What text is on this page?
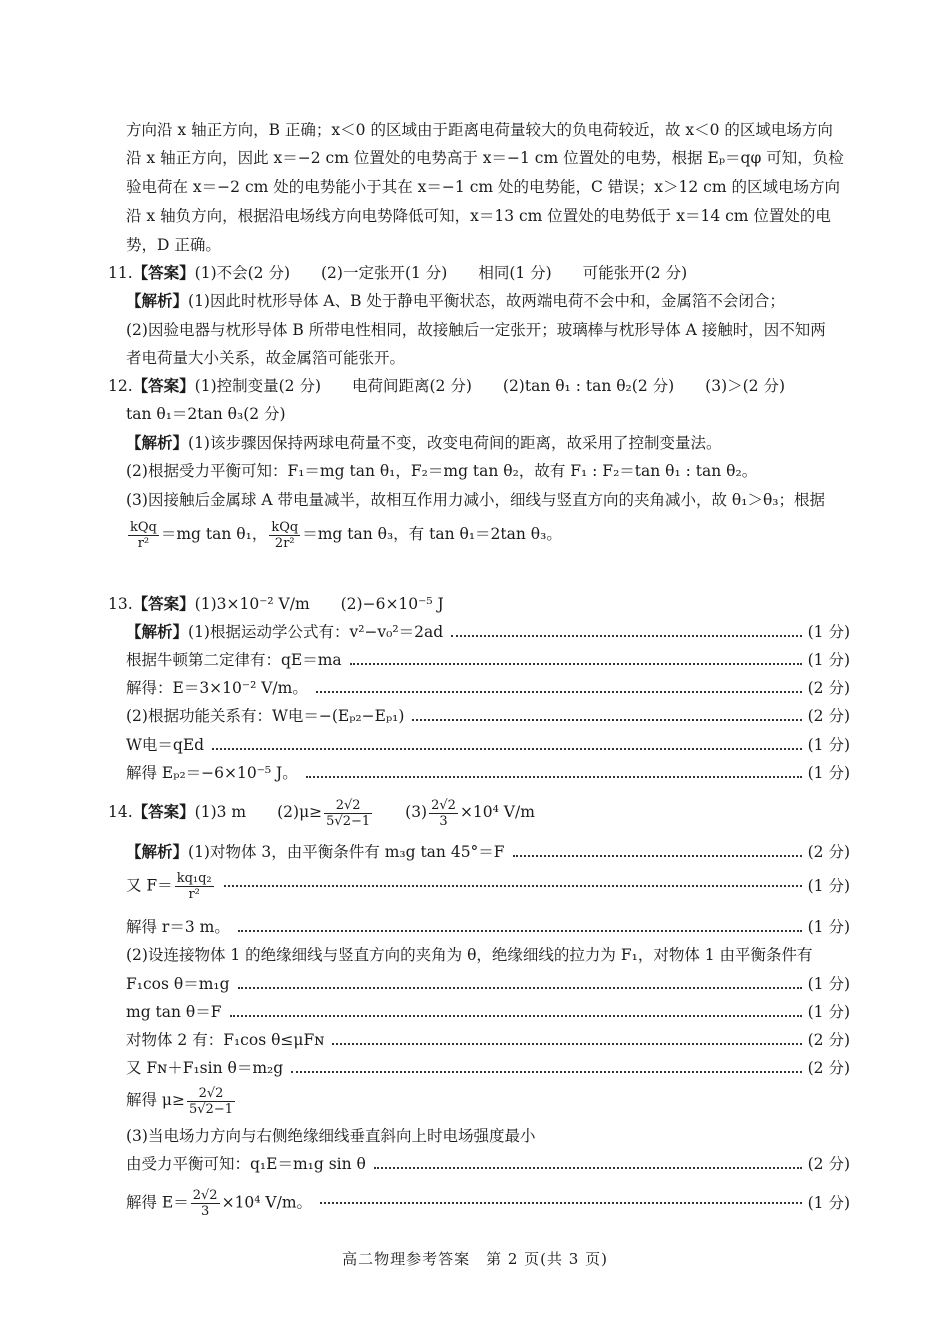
方向沿 x 轴正方向，B 正确；x＜0 的区域由于距离电荷量较大的负电荷较近，故 x＜0 的区域电场方向
沿 x 轴正方向，因此 x＝−2 cm 位置处的电势高于 x＝−1 cm 位置处的电势，根据 Eₚ＝qφ 可知，负检
验电荷在 x＝−2 cm 处的电势能小于其在 x＝−1 cm 处的电势能，C 错误；x＞12 cm 的区域电场方向
沿 x 轴负方向，根据沿电场线方向电势降低可知，x＝13 cm 位置处的电势低于 x＝14 cm 位置处的电
势，D 正确。
11.【答案】(1)不会(2 分)　　(2)一定张开(1 分)　　相同(1 分)　　可能张开(2 分)
【解析】(1)因此时枕形导体 A、B 处于静电平衡状态，故两端电荷不会中和，金属箔不会闭合；
(2)因验电器与枕形导体 B 所带电性相同，故接触后一定张开；玻璃棒与枕形导体 A 接触时，因不知两
者电荷量大小关系，故金属箔可能张开。
12.【答案】(1)控制变量(2 分)　　电荷间距离(2 分)　　(2)tan θ₁ : tan θ₂(2 分)　　(3)＞(2 分)
tan θ₁＝2tan θ₃(2 分)
【解析】(1)该步骤因保持两球电荷量不变，改变电荷间的距离，故采用了控制变量法。
(2)根据受力平衡可知：F₁＝mg tan θ₁，F₂＝mg tan θ₂，故有 F₁ : F₂＝tan θ₁ : tan θ₂。
(3)因接触后金属球 A 带电量减半，故相互作用力减小，细线与竖直方向的夹角减小，故 θ₁＞θ₃；根据
$\frac{\text{kQq}}{\text{r²}} =mg$ tan θ₁， $\frac{\text{kQq}}{\text{2r²}} =mg$ tan θ₃，有 tan θ₁＝2tan θ₃。
13.【答案】(1)3×10⁻² V/m　　(2)−6×10⁻⁵ J
【解析】(1)根据运动学公式有：v²−v₀²＝2ad	(1 分)
根据牛顿第二定律有：qE＝ma	(1 分)
解得：E＝3×10⁻² V/m。	(2 分)
(2)根据功能关系有：W电＝−(Eₚ₂−Eₚ₁)	(2 分)
W电＝qEd	(1 分)
解得 Eₚ₂＝−6×10⁻⁵ J。	(1 分)
14.【答案】(1)3 m　　$(2)\mu\ge \frac{2√2}{5√2-1}$ 　　$(3) \frac{2√2}{3} \times 10^4$ V/m
【解析】(1)对物体 3，由平衡条件有 m₃g tan 45°＝F	(2 分)
又 $F= \frac{\text{kq₁q₂}}{\text{r²}}$	(1 分)
解得 r＝3 m。	(1 分)
(2)设连接物体 1 的绝缘细线与竖直方向的夹角为 θ，绝缘细线的拉力为 F₁，对物体 1 由平衡条件有
F₁cos θ＝m₁g	(1 分)
mg tan θ＝F	(1 分)
对物体 2 有：F₁cos θ≤μFɴ	(2 分)
又 Fɴ＋F₁sin θ＝m₂g	(2 分)
解得 $\mu\ge \frac{2√2}{5√2-1}$
(3)当电场力方向与右侧绝缘细线垂直斜向上时电场强度最小
由受力平衡可知：q₁E＝m₁g sin θ	(2 分)
解得 $E= \frac{2√2}{3} \times 10^4$ V/m。	(1 分)
高二物理参考答案　第 2 页(共 3 页)
